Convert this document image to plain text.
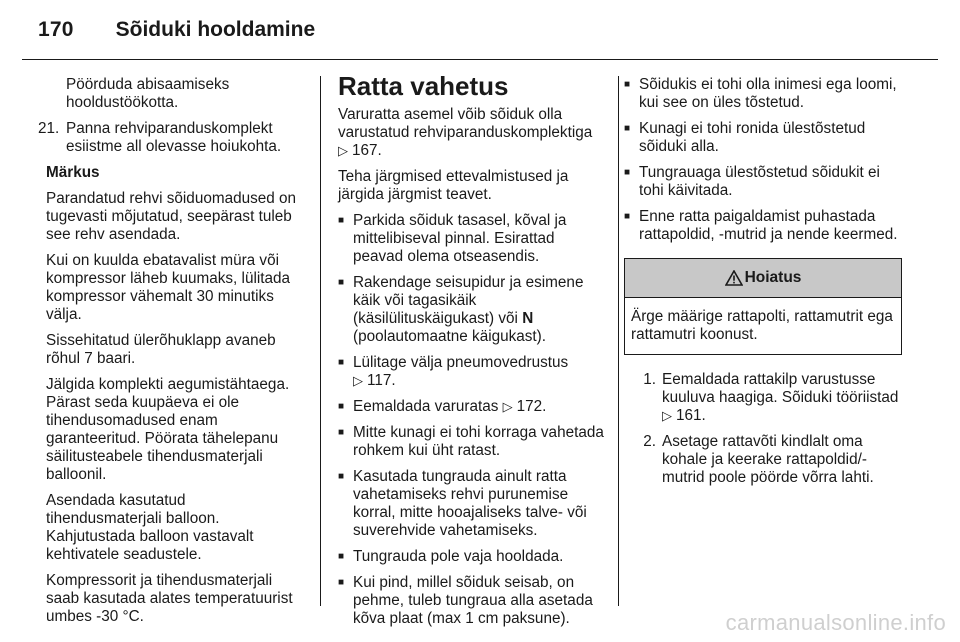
170 Sõiduki hooldamine
Pöörduda abisaamiseks hooldustöökotta.
21. Panna rehviparanduskomplekt esiistme all olevasse hoiukohta.

Märkus

Parandatud rehvi sõiduomadused on tugevasti mõjutatud, seepärast tuleb see rehv asendada.

Kui on kuulda ebatavalist müra või kompressor läheb kuumaks, lülitada kompressor vähemalt 30 minutiks välja.

Sissehitatud ülerõhuklapp avaneb rõhul 7 baari.

Jälgida komplekti aegumistähtaega. Pärast seda kuupäeva ei ole tihendusomadused enam garanteeritud. Pöörata tähelepanu säilitusteabele tihendusmaterjali balloonil.

Asendada kasutatud tihendusmaterjali balloon. Kahjutustada balloon vastavalt kehtivatele seadustele.

Kompressorit ja tihendusmaterjali saab kasutada alates temperatuurist umbes -30 °C.

Ratta vahetus

Varuratta asemel võib sõiduk olla varustatud rehviparanduskomplektiga ▷ 167.

Teha järgmised ettevalmistused ja järgida järgmist teavet.

■ Parkida sõiduk tasasel, kõval ja mittelibiseval pinnal. Esirattad peavad olema otseasendis.
■ Rakendage seisupidur ja esimene käik või tagasikäik (käsilülituskäigukast) või N (poolautomaatne käigukast).
■ Lülitage välja pneumovedrustus ▷ 117.
■ Eemaldada varuratas ▷ 172.
■ Mitte kunagi ei tohi korraga vahetada rohkem kui üht ratast.
■ Kasutada tungrauda ainult ratta vahetamiseks rehvi purunemise korral, mitte hooajaliseks talve- või suverehvide vahetamiseks.
■ Tungrauda pole vaja hooldada.
■ Kui pind, millel sõiduk seisab, on pehme, tuleb tungraua alla asetada kõva plaat (max 1 cm paksune).
■ Sõidukis ei tohi olla inimesi ega loomi, kui see on üles tõstetud.
■ Kunagi ei tohi ronida ülestõstetud sõiduki alla.
■ Tungrauaga ülestõstetud sõidukit ei tohi käivitada.
■ Enne ratta paigaldamist puhastada rattapoldid, -mutrid ja nende keermed.
Hoiatus
Ärge määrige rattapolti, rattamutrit ega rattamutri koonust.
1. Eemaldada rattakilp varustusse kuuluva haagiga. Sõiduki tööriistad ▷ 161.
2. Asetage rattavõti kindlalt oma kohale ja keerake rattapoldid/-mutrid poole pöörde võrra lahti.
carmanualsonline.info
